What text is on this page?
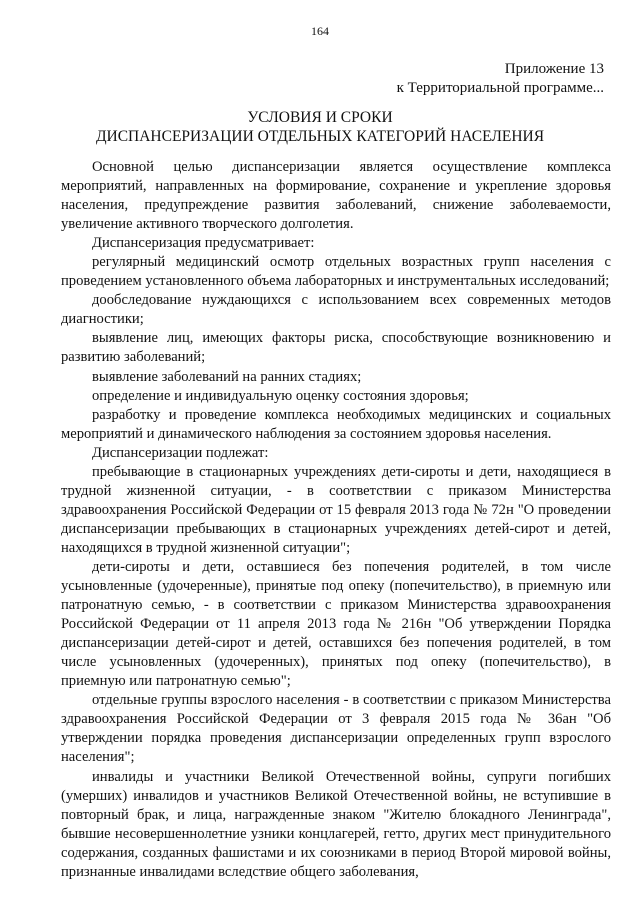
164
Приложение 13
к Территориальной программе...
УСЛОВИЯ И СРОКИ
ДИСПАНСЕРИЗАЦИИ ОТДЕЛЬНЫХ КАТЕГОРИЙ НАСЕЛЕНИЯ

Основной целью диспансеризации является осуществление комплекса мероприятий, направленных на формирование, сохранение и укрепление здоровья населения, предупреждение развития заболеваний, снижение заболеваемости, увеличение активного творческого долголетия.

Диспансеризация предусматривает:

регулярный медицинский осмотр отдельных возрастных групп населения с проведением установленного объема лабораторных и инструментальных исследований;

дообследование нуждающихся с использованием всех современных методов диагностики;

выявление лиц, имеющих факторы риска, способствующие возникновению и развитию заболеваний;

выявление заболеваний на ранних стадиях;

определение и индивидуальную оценку состояния здоровья;

разработку и проведение комплекса необходимых медицинских и социальных мероприятий и динамического наблюдения за состоянием здоровья населения.

Диспансеризации подлежат:

пребывающие в стационарных учреждениях дети-сироты и дети, находящиеся в трудной жизненной ситуации, - в соответствии с приказом Министерства здравоохранения Российской Федерации от 15 февраля 2013 года № 72н "О проведении диспансеризации пребывающих в стационарных учреждениях детей-сирот и детей, находящихся в трудной жизненной ситуации";

дети-сироты и дети, оставшиеся без попечения родителей, в том числе усыновленные (удочеренные), принятые под опеку (попечительство), в приемную или патронатную семью, - в соответствии с приказом Министерства здравоохранения Российской Федерации от 11 апреля 2013 года № 216н "Об утверждении Порядка диспансеризации детей-сирот и детей, оставшихся без попечения родителей, в том числе усыновленных (удочеренных), принятых под опеку (попечительство), в приемную или патронатную семью";

отдельные группы взрослого населения - в соответствии с приказом Министерства здравоохранения Российской Федерации от 3 февраля 2015 года № 36ан "Об утверждении порядка проведения диспансеризации определенных групп взрослого населения";

инвалиды и участники Великой Отечественной войны, супруги погибших (умерших) инвалидов и участников Великой Отечественной войны, не вступившие в повторный брак, и лица, награжденные знаком "Жителю блокадного Ленинграда", бывшие несовершеннолетние узники концлагерей, гетто, других мест принудительного содержания, созданных фашистами и их союзниками в период Второй мировой войны, признанные инвалидами вследствие общего заболевания,
